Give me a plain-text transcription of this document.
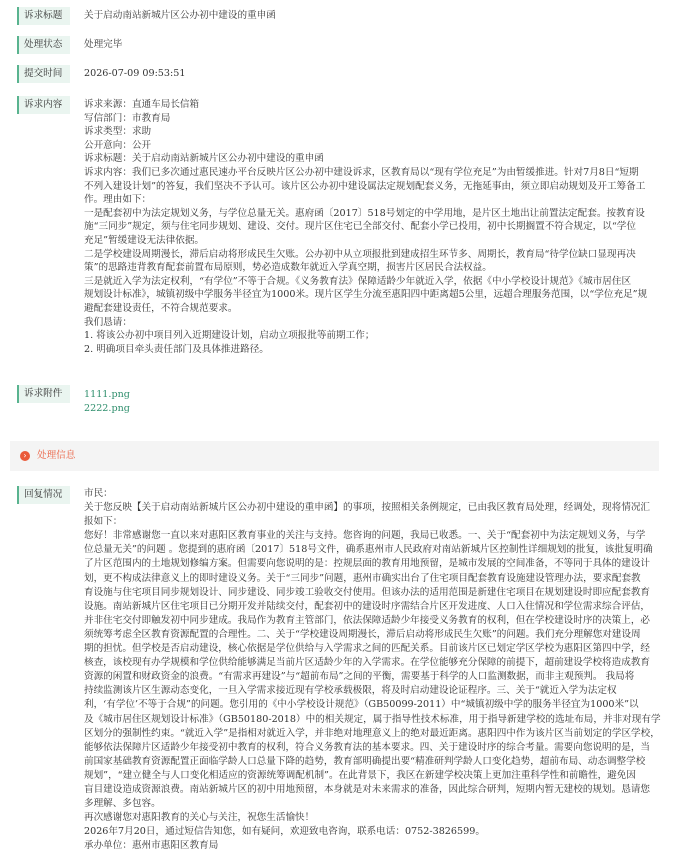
诉求标题	关于启动南站新城片区公办初中建设的重申函
处理状态	处理完毕
提交时间	2026-07-09 09:53:51
诉求内容	诉求来源：直通车局长信箱
写信部门：市教育局
诉求类型：求助
公开意向：公开
诉求标题：关于启动南站新城片区公办初中建设的重申函
诉求内容：我们已多次通过惠民速办平台反映片区公办初中建设诉求，区教育局以“现有学位充足”为由暂缓推进。针对7月8日“短期
不列入建设计划”的答复，我们坚决不予认可。该片区公办初中建设属法定规划配套义务，无拖延事由，须立即启动规划及开工筹备工
作。理由如下：
一是配套初中为法定规划义务，与学位总量无关。惠府函〔2017〕518号划定的中学用地，是片区土地出让前置法定配套。按教育设
施“三同步”规定，须与住宅同步规划、建设、交付。现片区住宅已全部交付、配套小学已投用，初中长期搁置不符合规定，以“学位
充足”暂缓建设无法律依据。
二是学校建设周期漫长，滞后启动将形成民生欠账。公办初中从立项报批到建成招生环节多、周期长，教育局“待学位缺口显现再决
策”的思路违背教育配套前置布局原则，势必造成数年就近入学真空期，损害片区居民合法权益。
三是就近入学为法定权利，“有学位”不等于合规。《义务教育法》保障适龄少年就近入学，依据《中小学校设计规范》《城市居住区
规划设计标准》，城镇初级中学服务半径宜为1000米。现片区学生分流至惠阳四中距离超5公里，远超合理服务范围，以“学位充足”规
避配套建设责任，不符合规范要求。
我们恳请：
1. 将该公办初中项目列入近期建设计划，启动立项报批等前期工作；
2. 明确项目牵头责任部门及具体推进路径。
诉求附件	1111.png
2222.png
›	处理信息
回复情况	市民：
关于您反映【关于启动南站新城片区公办初中建设的重申函】的事项，按照相关条例规定，已由我区教育局处理，经调处，现将情况汇
报如下：
您好！非常感谢您一直以来对惠阳区教育事业的关注与支持。您咨询的问题，我局已收悉。一、关于“配套初中为法定规划义务，与学
位总量无关”的问题 。您提到的惠府函〔2017〕518号文件，确系惠州市人民政府对南站新城片区控制性详细规划的批复，该批复明确
了片区范围内的土地规划修编方案。但需要向您说明的是：控规层面的教育用地预留，是城市发展的空间准备，不等同于具体的建设计
划，更不构成法律意义上的即时建设义务。关于“三同步”问题，惠州市确实出台了住宅项目配套教育设施建设管理办法，要求配套教
育设施与住宅项目同步规划设计、同步建设、同步竣工验收交付使用。但该办法的适用范围是新建住宅项目在规划建设时即应配套教育
设施。南站新城片区住宅项目已分期开发并陆续交付，配套初中的建设时序需结合片区开发进度、人口入住情况和学位需求综合评估，
并非住宅交付即触发初中同步建成。我局作为教育主管部门，依法保障适龄少年接受义务教育的权利，但在学校建设时序的决策上，必
须统筹考虑全区教育资源配置的合理性。二、关于“学校建设周期漫长，滞后启动将形成民生欠账”的问题。我们充分理解您对建设周
期的担忧。但学校是否启动建设，核心依据是学位供给与入学需求之间的匹配关系。目前该片区已划定学区学校为惠阳区第四中学，经
核查，该校现有办学规模和学位供给能够满足当前片区适龄少年的入学需求。在学位能够充分保障的前提下，超前建设学校将造成教育
资源的闲置和财政资金的浪费。“有需求再建设”与“超前布局”之间的平衡，需要基于科学的人口监测数据，而非主观预判。 我局将
持续监测该片区生源动态变化，一旦入学需求接近现有学校承载极限，将及时启动建设论证程序。三、关于“就近入学为法定权
利，‘有学位’不等于合规”的问题。您引用的《中小学校设计规范》（GB50099-2011）中“城镇初级中学的服务半径宜为1000米”以
及《城市居住区规划设计标准》（GB50180-2018）中的相关规定，属于指导性技术标准，用于指导新建学校的选址布局，并非对现有学
区划分的强制性约束。“就近入学”是指相对就近入学，并非绝对地理意义上的绝对最近距离。惠阳四中作为该片区当前划定的学区学校，
能够依法保障片区适龄少年接受初中教育的权利，符合义务教育法的基本要求。四、关于建设时序的综合考量。需要向您说明的是，当
前国家基础教育资源配置正面临学龄人口总量下降的趋势，教育部明确提出要“精准研判学龄人口变化趋势，超前布局、动态调整学校
规划”，“建立健全与人口变化相适应的资源统筹调配机制”。在此背景下，我区在新建学校决策上更加注重科学性和前瞻性，避免因
盲目建设造成资源浪费。南站新城片区的初中用地预留，本身就是对未来需求的准备，因此综合研判，短期内暂无建校的规划。恳请您
多理解、多包容。
再次感谢您对惠阳教育的关心与关注，祝您生活愉快！
2026年7月20日，通过短信告知您，如有疑问，欢迎致电咨询，联系电话：0752-3826599。
承办单位：惠州市惠阳区教育局
